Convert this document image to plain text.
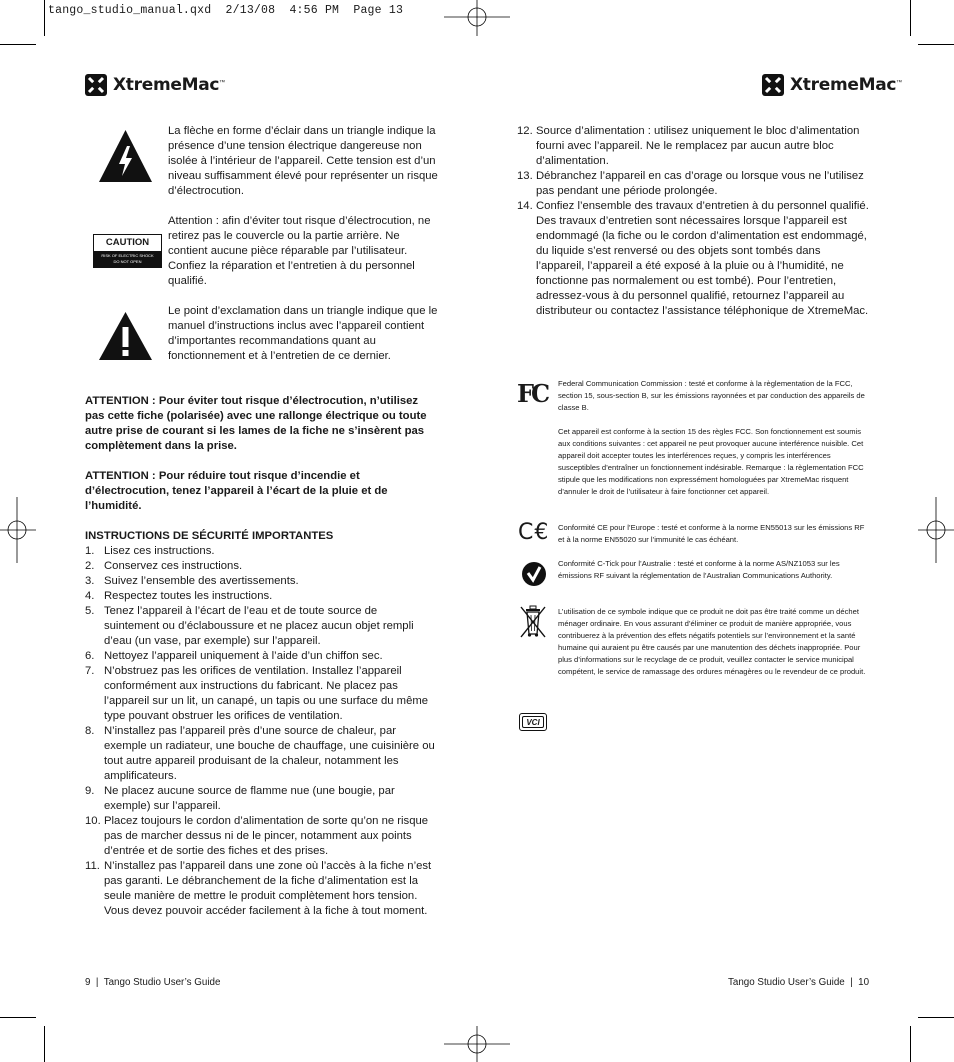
tango_studio_manual.qxd  2/13/08  4:56 PM  Page 13
XtremeMac ™	XtremeMac ™

La flèche en forme d’éclair dans un triangle indique la présence d’une tension électrique dangereuse non isolée à l’intérieur de l’appareil. Cette tension est d’un niveau suffisamment élevé pour représenter un risque d’électrocution.

CAUTION
RISK OF ELECTRIC SHOCK
DO NOT OPEN

Attention : afin d’éviter tout risque d’électrocution, ne retirez pas le couvercle ou la partie arrière. Ne contient aucune pièce réparable par l’utilisateur. Confiez la réparation et l’entretien à du personnel qualifié.

Le point d’exclamation dans un triangle indique que le manuel d’instructions inclus avec l’appareil contient d’importantes recommandations quant au fonctionnement et à l’entretien de ce dernier.

ATTENTION : Pour éviter tout risque d’électrocution, n’utilisez pas cette fiche (polarisée) avec une rallonge électrique ou toute autre prise de courant si les lames de la fiche ne s’insèrent pas complètement dans la prise.

ATTENTION : Pour réduire tout risque d’incendie et d’électrocution, tenez l’appareil à l’écart de la pluie et de l’humidité.

INSTRUCTIONS DE SÉCURITÉ IMPORTANTES

1. Lisez ces instructions.
2. Conservez ces instructions.
3. Suivez l’ensemble des avertissements.
4. Respectez toutes les instructions.
5. Tenez l’appareil à l’écart de l’eau et de toute source de suintement ou d’éclaboussure et ne placez aucun objet rempli d’eau (un vase, par exemple) sur l’appareil.
6. Nettoyez l’appareil uniquement à l’aide d’un chiffon sec.
7. N’obstruez pas les orifices de ventilation. Installez l’appareil conformément aux instructions du fabricant. Ne placez pas l’appareil sur un lit, un canapé, un tapis ou une surface du même type pouvant obstruer les orifices de ventilation.
8. N’installez pas l’appareil près d’une source de chaleur, par exemple un radiateur, une bouche de chauffage, une cuisinière ou tout autre appareil produisant de la chaleur, notamment les amplificateurs.
9. Ne placez aucune source de flamme nue (une bougie, par exemple) sur l’appareil.
10. Placez toujours le cordon d’alimentation de sorte qu’on ne risque pas de marcher dessus ni de le pincer, notamment aux points d’entrée et de sortie des fiches et des prises.
11. N’installez pas l’appareil dans une zone où l’accès à la fiche n’est pas garanti. Le débranchement de la fiche d’alimentation est la seule manière de mettre le produit complètement hors tension. Vous devez pouvoir accéder facilement à la fiche à tout moment.
9  |  Tango Studio User’s Guide
12. Source d’alimentation : utilisez uniquement le bloc d’alimentation fourni avec l’appareil. Ne le remplacez par aucun autre bloc d’alimentation.
13. Débranchez l’appareil en cas d’orage ou lorsque vous ne l’utilisez pas pendant une période prolongée.
14. Confiez l’ensemble des travaux d’entretien à du personnel qualifié. Des travaux d’entretien sont nécessaires lorsque l’appareil est endommagé (la fiche ou le cordon d’alimentation est endommagé, du liquide s’est renversé ou des objets sont tombés dans l’appareil, l’appareil a été exposé à la pluie ou à l’humidité, ne fonctionne pas normalement ou est tombé). Pour l’entretien, adressez-vous à du personnel qualifié, retournez l’appareil au distributeur ou contactez l’assistance téléphonique de XtremeMac.
FC Federal Communication Commission : testé et conforme à la règlementation de la FCC, section 15, sous-section B, sur les émissions rayonnées et par conduction des appareils de classe B.

Cet appareil est conforme à la section 15 des règles FCC. Son fonctionnement est soumis aux conditions suivantes : cet appareil ne peut provoquer aucune interférence nuisible. Cet appareil doit accepter toutes les interférences reçues, y compris les interférences susceptibles d’entraîner un fonctionnement indésirable. Remarque : la règlementation FCC stipule que les modifications non expressément homologuées par XtremeMac risquent d’annuler le droit de l’utilisateur à faire fonctionner cet appareil.

C€ Conformité CE pour l’Europe : testé et conforme à la norme EN55013 sur les émissions RF et à la norme EN55020 sur l’immunité le cas échéant.

Conformité C-Tick pour l’Australie : testé et conforme à la norme AS/NZ1053 sur les émissions RF suivant la réglementation de l’Australian Communications Authority.

L’utilisation de ce symbole indique que ce produit ne doit pas être traité comme un déchet ménager ordinaire. En vous assurant d’éliminer ce produit de manière appropriée, vous contribuerez à la prévention des effets négatifs potentiels sur l’environnement et la santé humaine qui auraient pu être causés par une manutention des déchets inappropriée. Pour plus d’informations sur le recyclage de ce produit, veuillez contacter le service municipal compétent, le service de ramassage des ordures ménagères ou le revendeur de ce produit.

VCI
Tango Studio User’s Guide  |  10
